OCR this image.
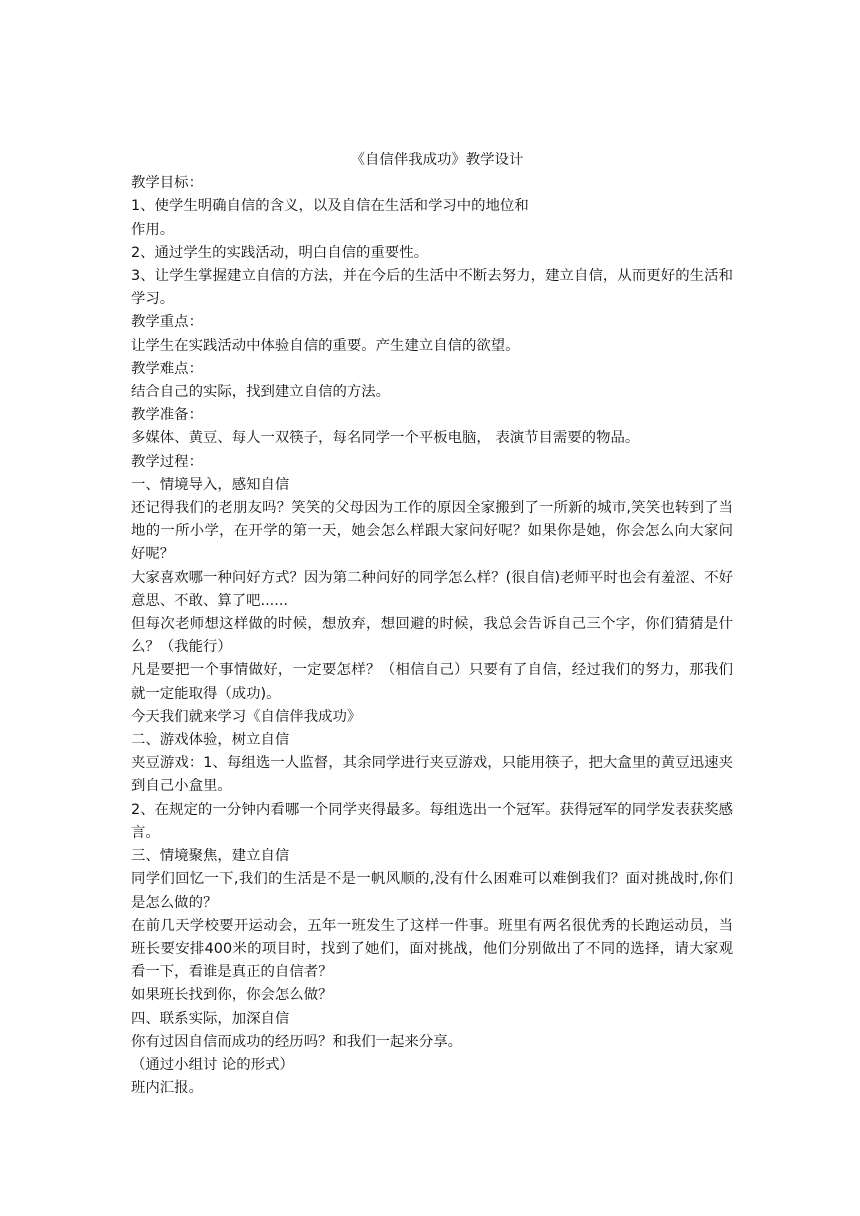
《自信伴我成功》教学设计

教学目标：

1、使学生明确自信的含义，以及自信在生活和学习中的地位和

作用。

2、通过学生的实践活动，明白自信的重要性。

3、让学生掌握建立自信的方法，并在今后的生活中不断去努力，建立自信，从而更好的生活和学习。

教学重点：

让学生在实践活动中体验自信的重要。产生建立自信的欲望。

教学难点：

结合自己的实际，找到建立自信的方法。

教学准备：

多媒体、黄豆、每人一双筷子，每名同学一个平板电脑， 表演节目需要的物品。

教学过程：

一、情境导入，感知自信

还记得我们的老朋友吗？笑笑的父母因为工作的原因全家搬到了一所新的城市,笑笑也转到了当地的一所小学，在开学的第一天，她会怎么样跟大家问好呢？如果你是她，你会怎么向大家问好呢？

大家喜欢哪一种问好方式？因为第二种问好的同学怎么样？(很自信)老师平时也会有羞涩、不好意思、不敢、算了吧......

但每次老师想这样做的时候，想放弃，想回避的时候，我总会告诉自己三个字，你们猜猜是什么？（我能行）

凡是要把一个事情做好，一定要怎样？（相信自己）只要有了自信，经过我们的努力，那我们就一定能取得（成功)。

今天我们就来学习《自信伴我成功》

二、游戏体验，树立自信

夹豆游戏：1、每组选一人监督，其余同学进行夹豆游戏，只能用筷子，把大盒里的黄豆迅速夹到自己小盒里。

2、在规定的一分钟内看哪一个同学夹得最多。每组选出一个冠军。获得冠军的同学发表获奖感言。

三、情境聚焦，建立自信

同学们回忆一下,我们的生活是不是一帆风顺的,没有什么困难可以难倒我们？面对挑战时,你们是怎么做的？

在前几天学校要开运动会，五年一班发生了这样一件事。班里有两名很优秀的长跑运动员，当班长要安排400米的项目时，找到了她们，面对挑战，他们分别做出了不同的选择，请大家观看一下，看谁是真正的自信者？

如果班长找到你，你会怎么做？

四、联系实际，加深自信

你有过因自信而成功的经历吗？和我们一起来分享。

（通过小组讨 论的形式）

班内汇报。
